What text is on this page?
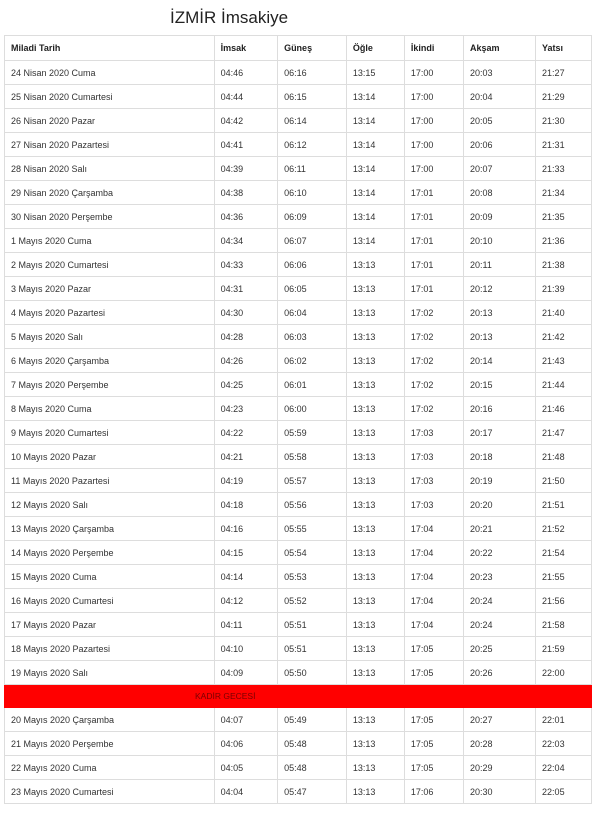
İZMİR İmsakiye
Miladi Tarih	İmsak	Güneş	Öğle	İkindi	Akşam	Yatsı
24 Nisan 2020 Cuma	04:46	06:16	13:15	17:00	20:03	21:27
25 Nisan 2020 Cumartesi	04:44	06:15	13:14	17:00	20:04	21:29
26 Nisan 2020 Pazar	04:42	06:14	13:14	17:00	20:05	21:30
27 Nisan 2020 Pazartesi	04:41	06:12	13:14	17:00	20:06	21:31
28 Nisan 2020 Salı	04:39	06:11	13:14	17:00	20:07	21:33
29 Nisan 2020 Çarşamba	04:38	06:10	13:14	17:01	20:08	21:34
30 Nisan 2020 Perşembe	04:36	06:09	13:14	17:01	20:09	21:35
1 Mayıs 2020 Cuma	04:34	06:07	13:14	17:01	20:10	21:36
2 Mayıs 2020 Cumartesi	04:33	06:06	13:13	17:01	20:11	21:38
3 Mayıs 2020 Pazar	04:31	06:05	13:13	17:01	20:12	21:39
4 Mayıs 2020 Pazartesi	04:30	06:04	13:13	17:02	20:13	21:40
5 Mayıs 2020 Salı	04:28	06:03	13:13	17:02	20:13	21:42
6 Mayıs 2020 Çarşamba	04:26	06:02	13:13	17:02	20:14	21:43
7 Mayıs 2020 Perşembe	04:25	06:01	13:13	17:02	20:15	21:44
8 Mayıs 2020 Cuma	04:23	06:00	13:13	17:02	20:16	21:46
9 Mayıs 2020 Cumartesi	04:22	05:59	13:13	17:03	20:17	21:47
10 Mayıs 2020 Pazar	04:21	05:58	13:13	17:03	20:18	21:48
11 Mayıs 2020 Pazartesi	04:19	05:57	13:13	17:03	20:19	21:50
12 Mayıs 2020 Salı	04:18	05:56	13:13	17:03	20:20	21:51
13 Mayıs 2020 Çarşamba	04:16	05:55	13:13	17:04	20:21	21:52
14 Mayıs 2020 Perşembe	04:15	05:54	13:13	17:04	20:22	21:54
15 Mayıs 2020 Cuma	04:14	05:53	13:13	17:04	20:23	21:55
16 Mayıs 2020 Cumartesi	04:12	05:52	13:13	17:04	20:24	21:56
17 Mayıs 2020 Pazar	04:11	05:51	13:13	17:04	20:24	21:58
18 Mayıs 2020 Pazartesi	04:10	05:51	13:13	17:05	20:25	21:59
19 Mayıs 2020 Salı	04:09	05:50	13:13	17:05	20:26	22:00
KADİR GECESİ						
20 Mayıs 2020 Çarşamba	04:07	05:49	13:13	17:05	20:27	22:01
21 Mayıs 2020 Perşembe	04:06	05:48	13:13	17:05	20:28	22:03
22 Mayıs 2020 Cuma	04:05	05:48	13:13	17:05	20:29	22:04
23 Mayıs 2020 Cumartesi	04:04	05:47	13:13	17:06	20:30	22:05
